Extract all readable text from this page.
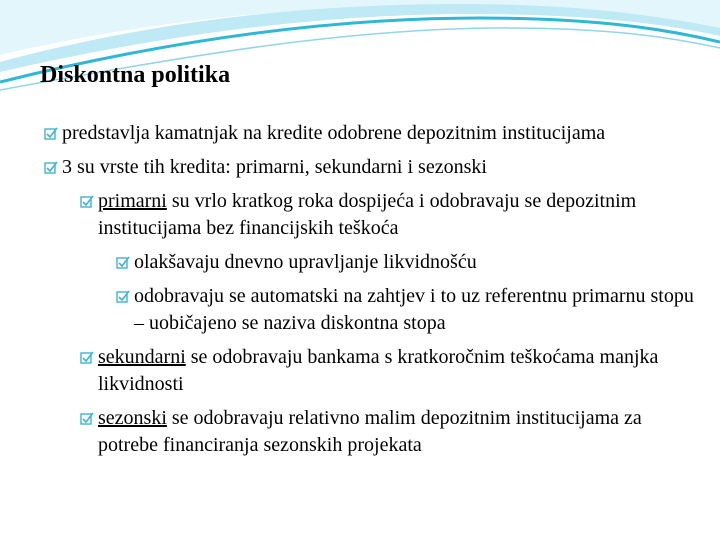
Diskontna politika
predstavlja kamatnjak na kredite odobrene depozitnim institucijama
3 su vrste tih kredita: primarni, sekundarni i sezonski
primarni su vrlo kratkog roka dospijeća i odobravaju se depozitnim institucijama bez financijskih teškoća
olakšavaju dnevno upravljanje likvidnošću
odobravaju se automatski na zahtjev i to uz referentnu primarnu stopu – uobičajeno se naziva diskontna stopa
sekundarni se odobravaju bankama s kratkoročnim teškoćama manjka likvidnosti
sezonski se odobravaju relativno malim depozitnim institucijama za potrebe financiranja sezonskih projekata
